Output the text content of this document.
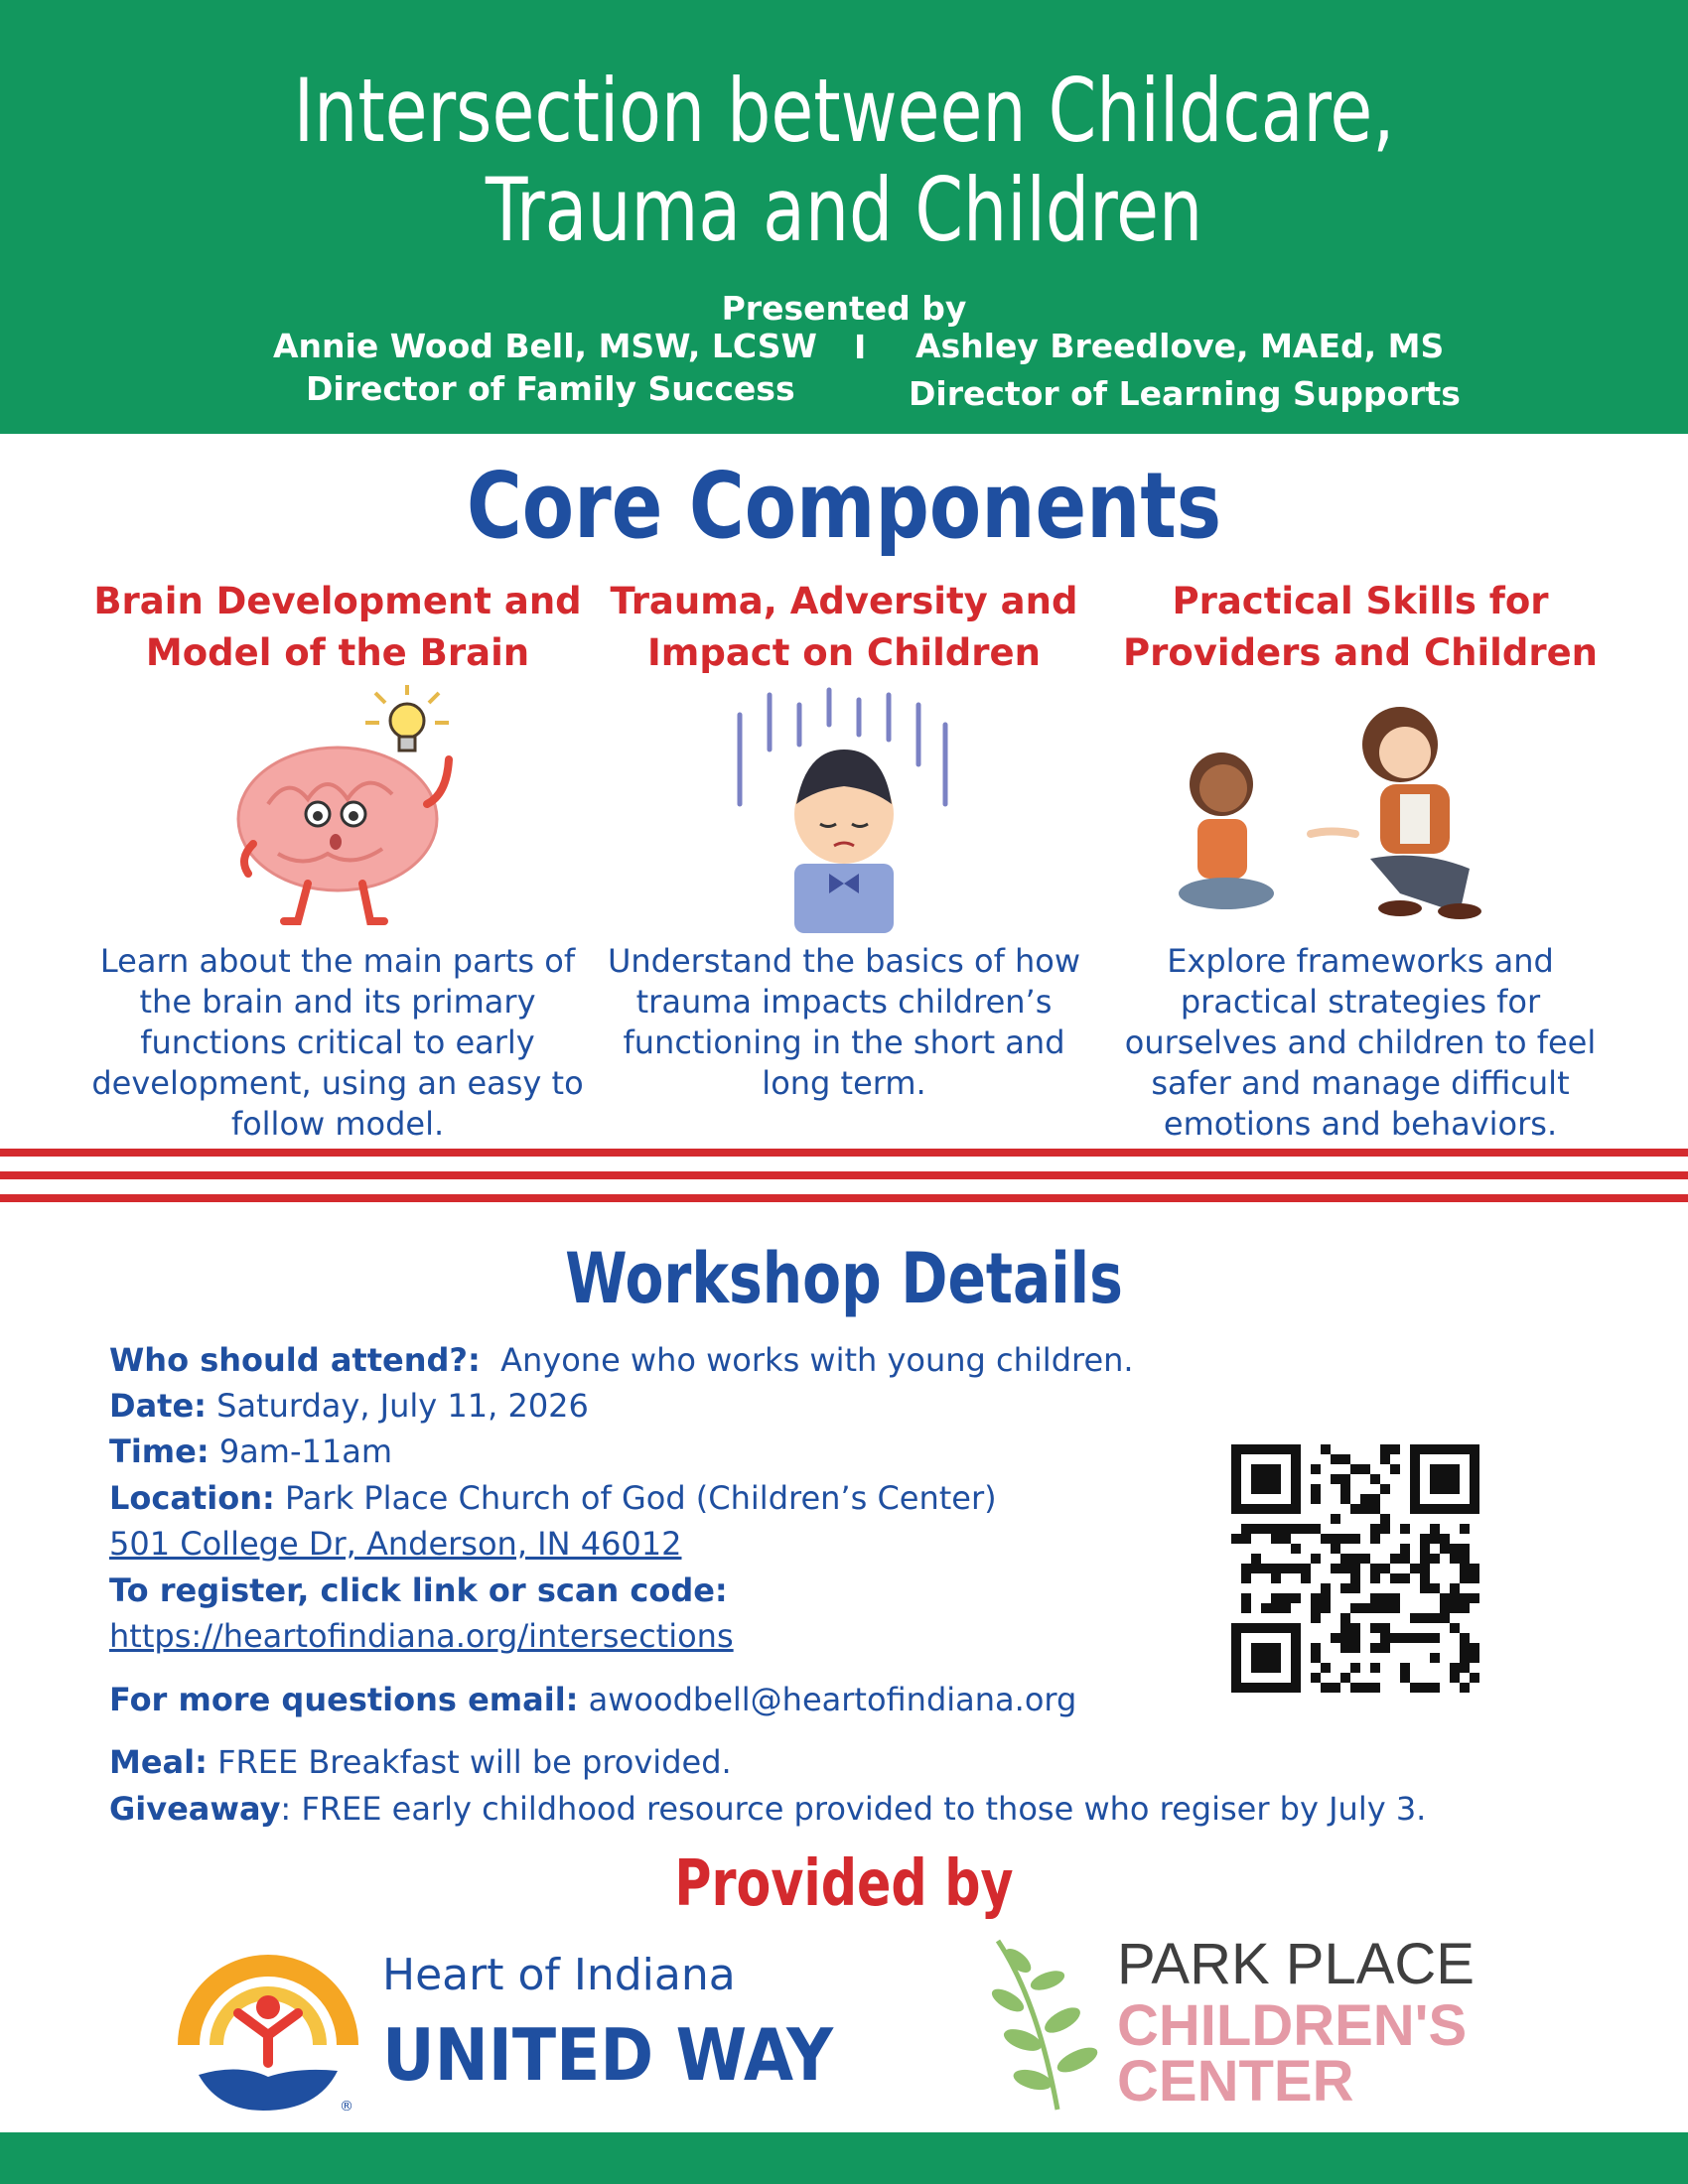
Intersection between Childcare,
Trauma and Children
Presented by
Annie Wood Bell, MSW, LCSW I Ashley Breedlove, MAEd, MS
Director of Family Success	Director of Learning Supports
Core Components
Brain Development and
Model of the Brain
Learn about the main parts of the brain and its primary functions critical to early development, using an easy to follow model.
Trauma, Adversity and
Impact on Children
Understand the basics of how trauma impacts children’s functioning in the short and long term.
Practical Skills for
Providers and Children
Explore frameworks and practical strategies for ourselves and children to feel safer and manage difficult emotions and behaviors.
Workshop Details
Who should attend?: Anyone who works with young children.
Date: Saturday, July 11, 2026
Time: 9am-11am
Location: Park Place Church of God (Children’s Center)
501 College Dr, Anderson, IN 46012
To register, click link or scan code:
https://heartofindiana.org/intersections
For more questions email: awoodbell@heartofindiana.org
Meal: FREE Breakfast will be provided.
Giveaway: FREE early childhood resource provided to those who regiser by July 3.
Provided by
Heart of Indiana
UNITED WAY
®
PARK PLACE
CHILDREN'S
CENTER
